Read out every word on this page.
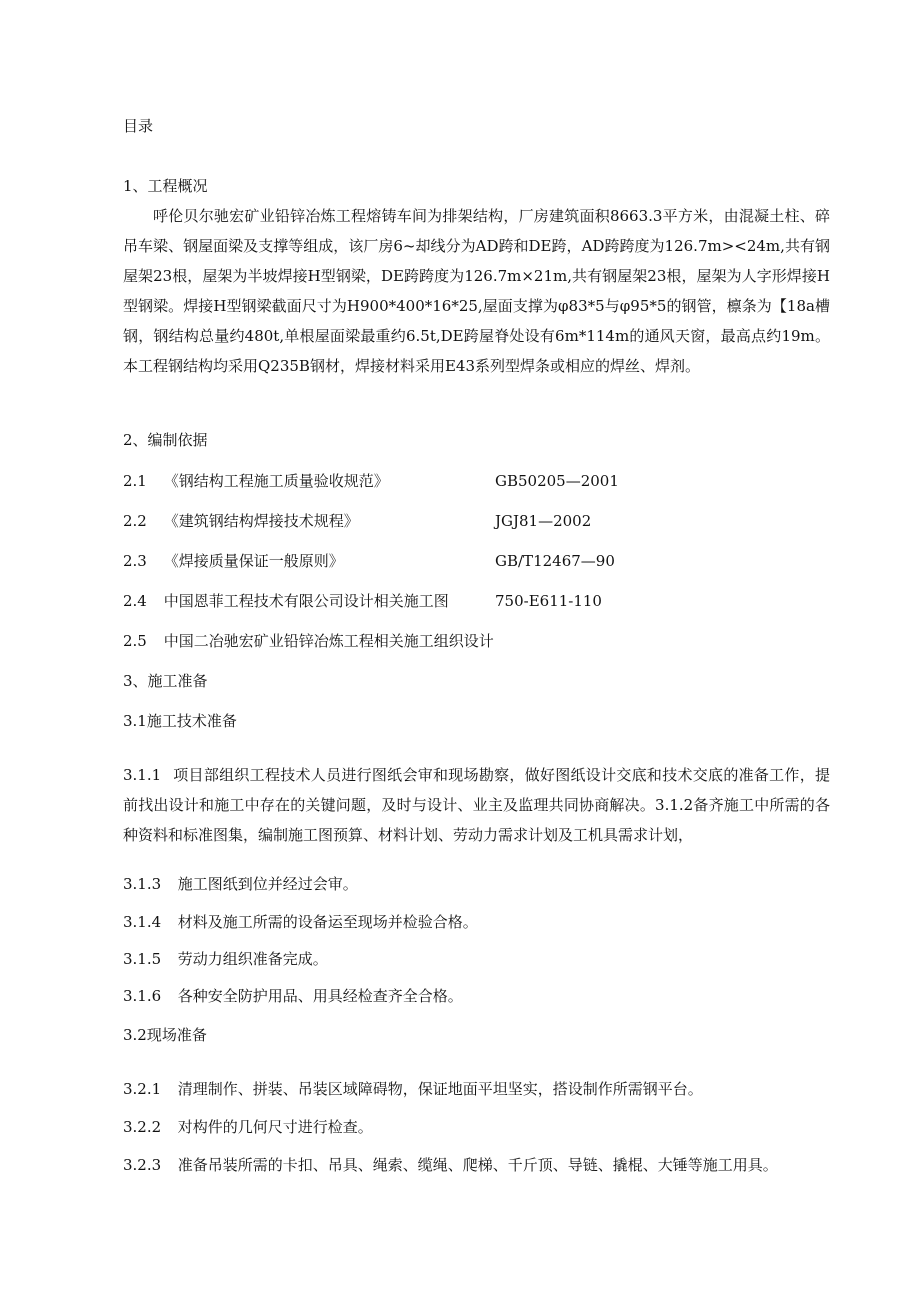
目录
1、工程概况

呼伦贝尔驰宏矿业铅锌冶炼工程熔铸车间为排架结构，厂房建筑面积8663.3平方米，由混凝土柱、碎吊车梁、钢屋面梁及支撑等组成，该厂房6~却线分为AD跨和DE跨，AD跨跨度为126.7m><24m,共有钢屋架23根，屋架为半坡焊接H型钢梁，DE跨跨度为126.7m×21m,共有钢屋架23根，屋架为人字形焊接H型钢梁。焊接H型钢梁截面尺寸为H900*400*16*25,屋面支撑为φ83*5与φ95*5的钢管，檩条为【18a槽钢，钢结构总量约480t,单根屋面梁最重约6.5t,DE跨屋脊处设有6m*114m的通风天窗，最高点约19m。本工程钢结构均采用Q235B钢材，焊接材料采用E43系列型焊条或相应的焊丝、焊剂。

2、编制依据
2.1 《钢结构工程施工质量验收规范》	GB50205—2001
2.2 《建筑钢结构焊接技术规程》	JGJ81—2002
2.3 《焊接质量保证一般原则》	GB/T12467—90
2.4 中国恩菲工程技术有限公司设计相关施工图	750-E611-110
2.5 中国二冶驰宏矿业铅锌冶炼工程相关施工组织设计
3、施工准备
3.1施工技术准备

3.1.1 项目部组织工程技术人员进行图纸会审和现场勘察，做好图纸设计交底和技术交底的准备工作，提前找出设计和施工中存在的关键问题，及时与设计、业主及监理共同协商解决。3.1.2备齐施工中所需的各种资料和标准图集，编制施工图预算、材料计划、劳动力需求计划及工机具需求计划，

3.1.3 施工图纸到位并经过会审。
3.1.4 材料及施工所需的设备运至现场并检验合格。
3.1.5 劳动力组织准备完成。
3.1.6 各种安全防护用品、用具经检查齐全合格。
3.2现场准备
3.2.1 清理制作、拼装、吊装区域障碍物，保证地面平坦坚实，搭设制作所需钢平台。
3.2.2 对构件的几何尺寸进行检查。
3.2.3 准备吊装所需的卡扣、吊具、绳索、缆绳、爬梯、千斤顶、导链、撬棍、大锤等施工用具。
